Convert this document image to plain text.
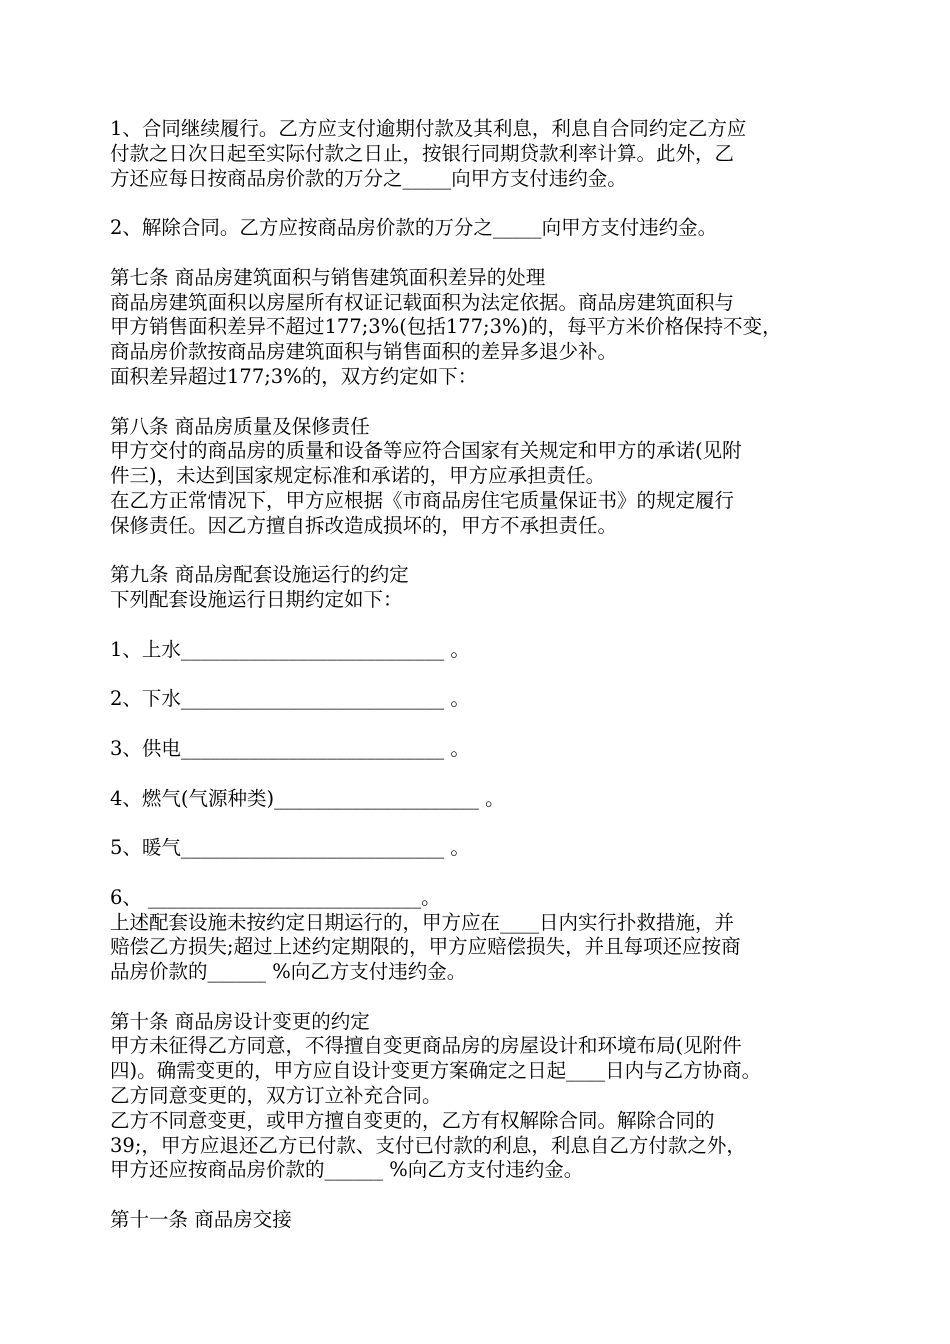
1、合同继续履行。乙方应支付逾期付款及其利息，利息自合同约定乙方应
付款之日次日起至实际付款之日止，按银行同期贷款利率计算。此外，乙
方还应每日按商品房价款的万分之_____向甲方支付违约金。
2、解除合同。乙方应按商品房价款的万分之_____向甲方支付违约金。
第七条 商品房建筑面积与销售建筑面积差异的处理
商品房建筑面积以房屋所有权证记载面积为法定依据。商品房建筑面积与
甲方销售面积差异不超过177;3%(包括177;3%)的，每平方米价格保持不变，
商品房价款按商品房建筑面积与销售面积的差异多退少补。
面积差异超过177;3%的，双方约定如下：
第八条 商品房质量及保修责任
甲方交付的商品房的质量和设备等应符合国家有关规定和甲方的承诺(见附
件三)，未达到国家规定标准和承诺的，甲方应承担责任。
在乙方正常情况下，甲方应根据《市商品房住宅质量保证书》的规定履行
保修责任。因乙方擅自拆改造成损坏的，甲方不承担责任。
第九条 商品房配套设施运行的约定
下列配套设施运行日期约定如下：
1、上水___________________________ 。
2、下水___________________________ 。
3、供电___________________________ 。
4、燃气(气源种类)_____________________ 。
5、暖气___________________________ 。
6、 ____________________________。
上述配套设施未按约定日期运行的，甲方应在____日内实行扑救措施，并
赔偿乙方损失;超过上述约定期限的，甲方应赔偿损失，并且每项还应按商
品房价款的______ %向乙方支付违约金。
第十条 商品房设计变更的约定
甲方未征得乙方同意，不得擅自变更商品房的房屋设计和环境布局(见附件
四)。确需变更的，甲方应自设计变更方案确定之日起____日内与乙方协商。
乙方同意变更的，双方订立补充合同。
乙方不同意变更，或甲方擅自变更的，乙方有权解除合同。解除合同的
39;，甲方应退还乙方已付款、支付已付款的利息，利息自乙方付款之外，
甲方还应按商品房价款的______ %向乙方支付违约金。
第十一条 商品房交接
